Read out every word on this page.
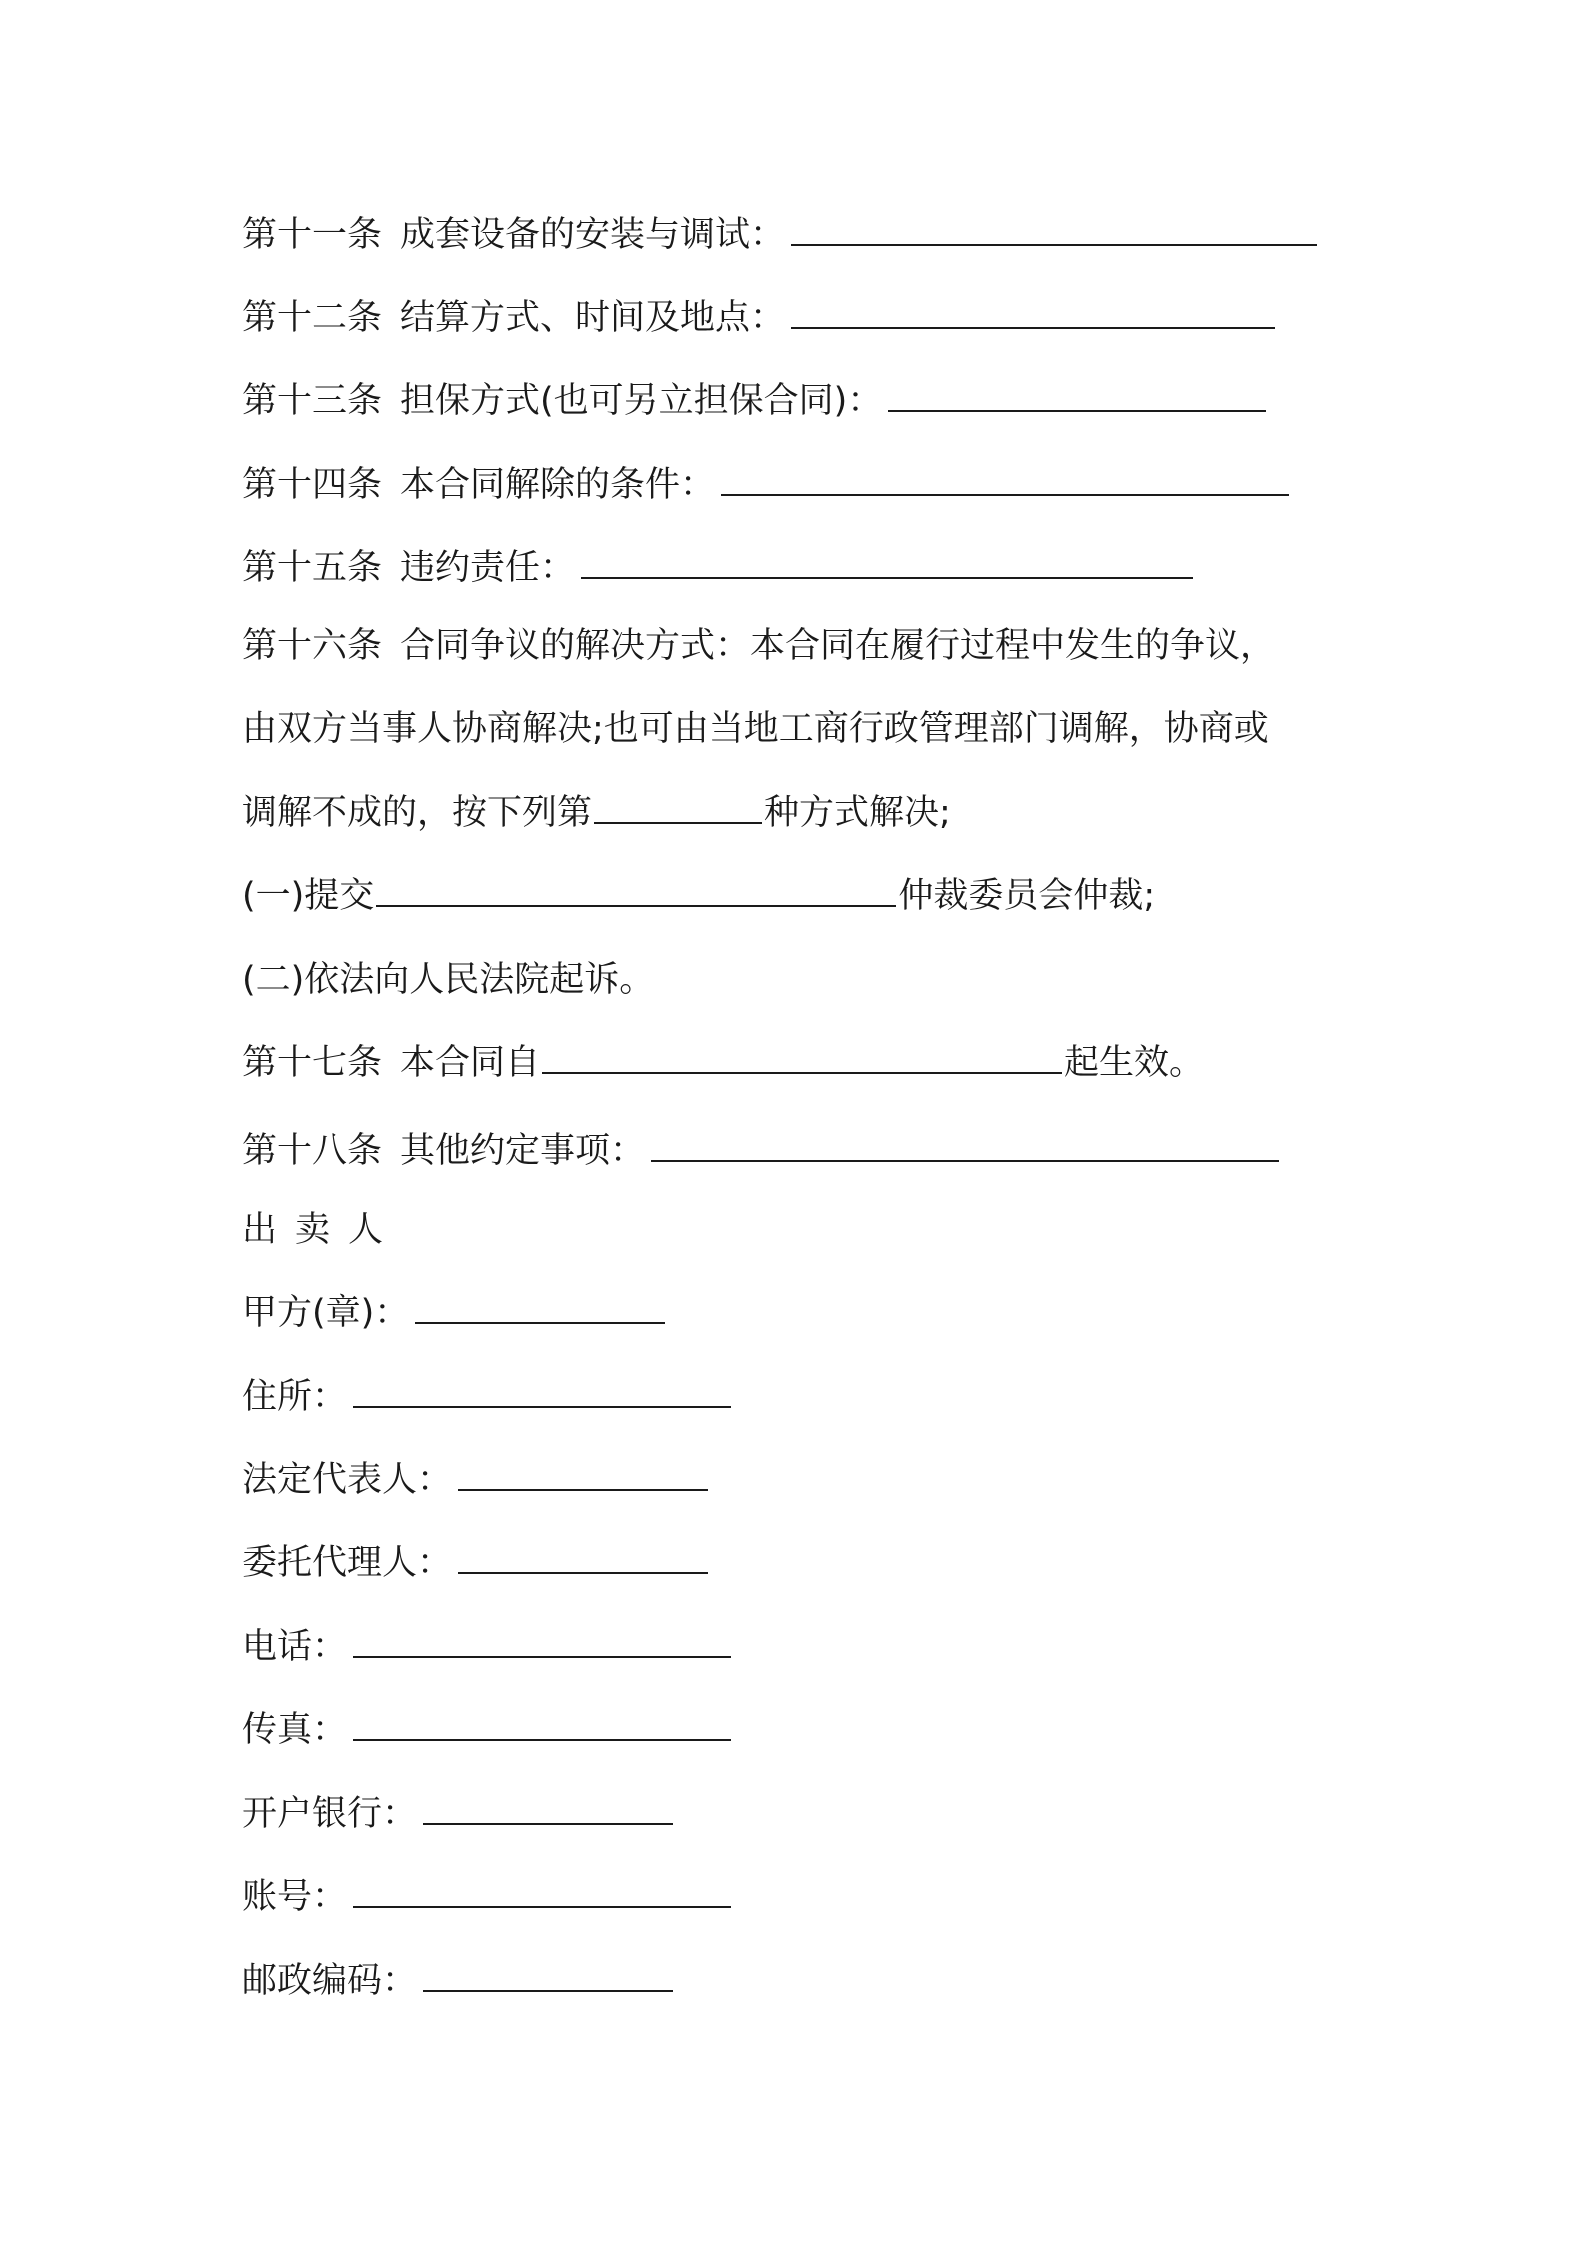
第十一条 成套设备的安装与调试：
第十二条 结算方式、时间及地点：
第十三条 担保方式(也可另立担保合同)：
第十四条 本合同解除的条件：
第十五条 违约责任：
第十六条 合同争议的解决方式：本合同在履行过程中发生的争议，
由双方当事人协商解决;也可由当地工商行政管理部门调解，协商或
调解不成的，按下列第	种方式解决;
(一)提交	仲裁委员会仲裁;
(二)依法向人民法院起诉。
第十七条 本合同自	起生效。
第十八条 其他约定事项：
出卖人
甲方(章)：
住所：
法定代表人：
委托代理人：
电话：
传真：
开户银行：
账号：
邮政编码：
